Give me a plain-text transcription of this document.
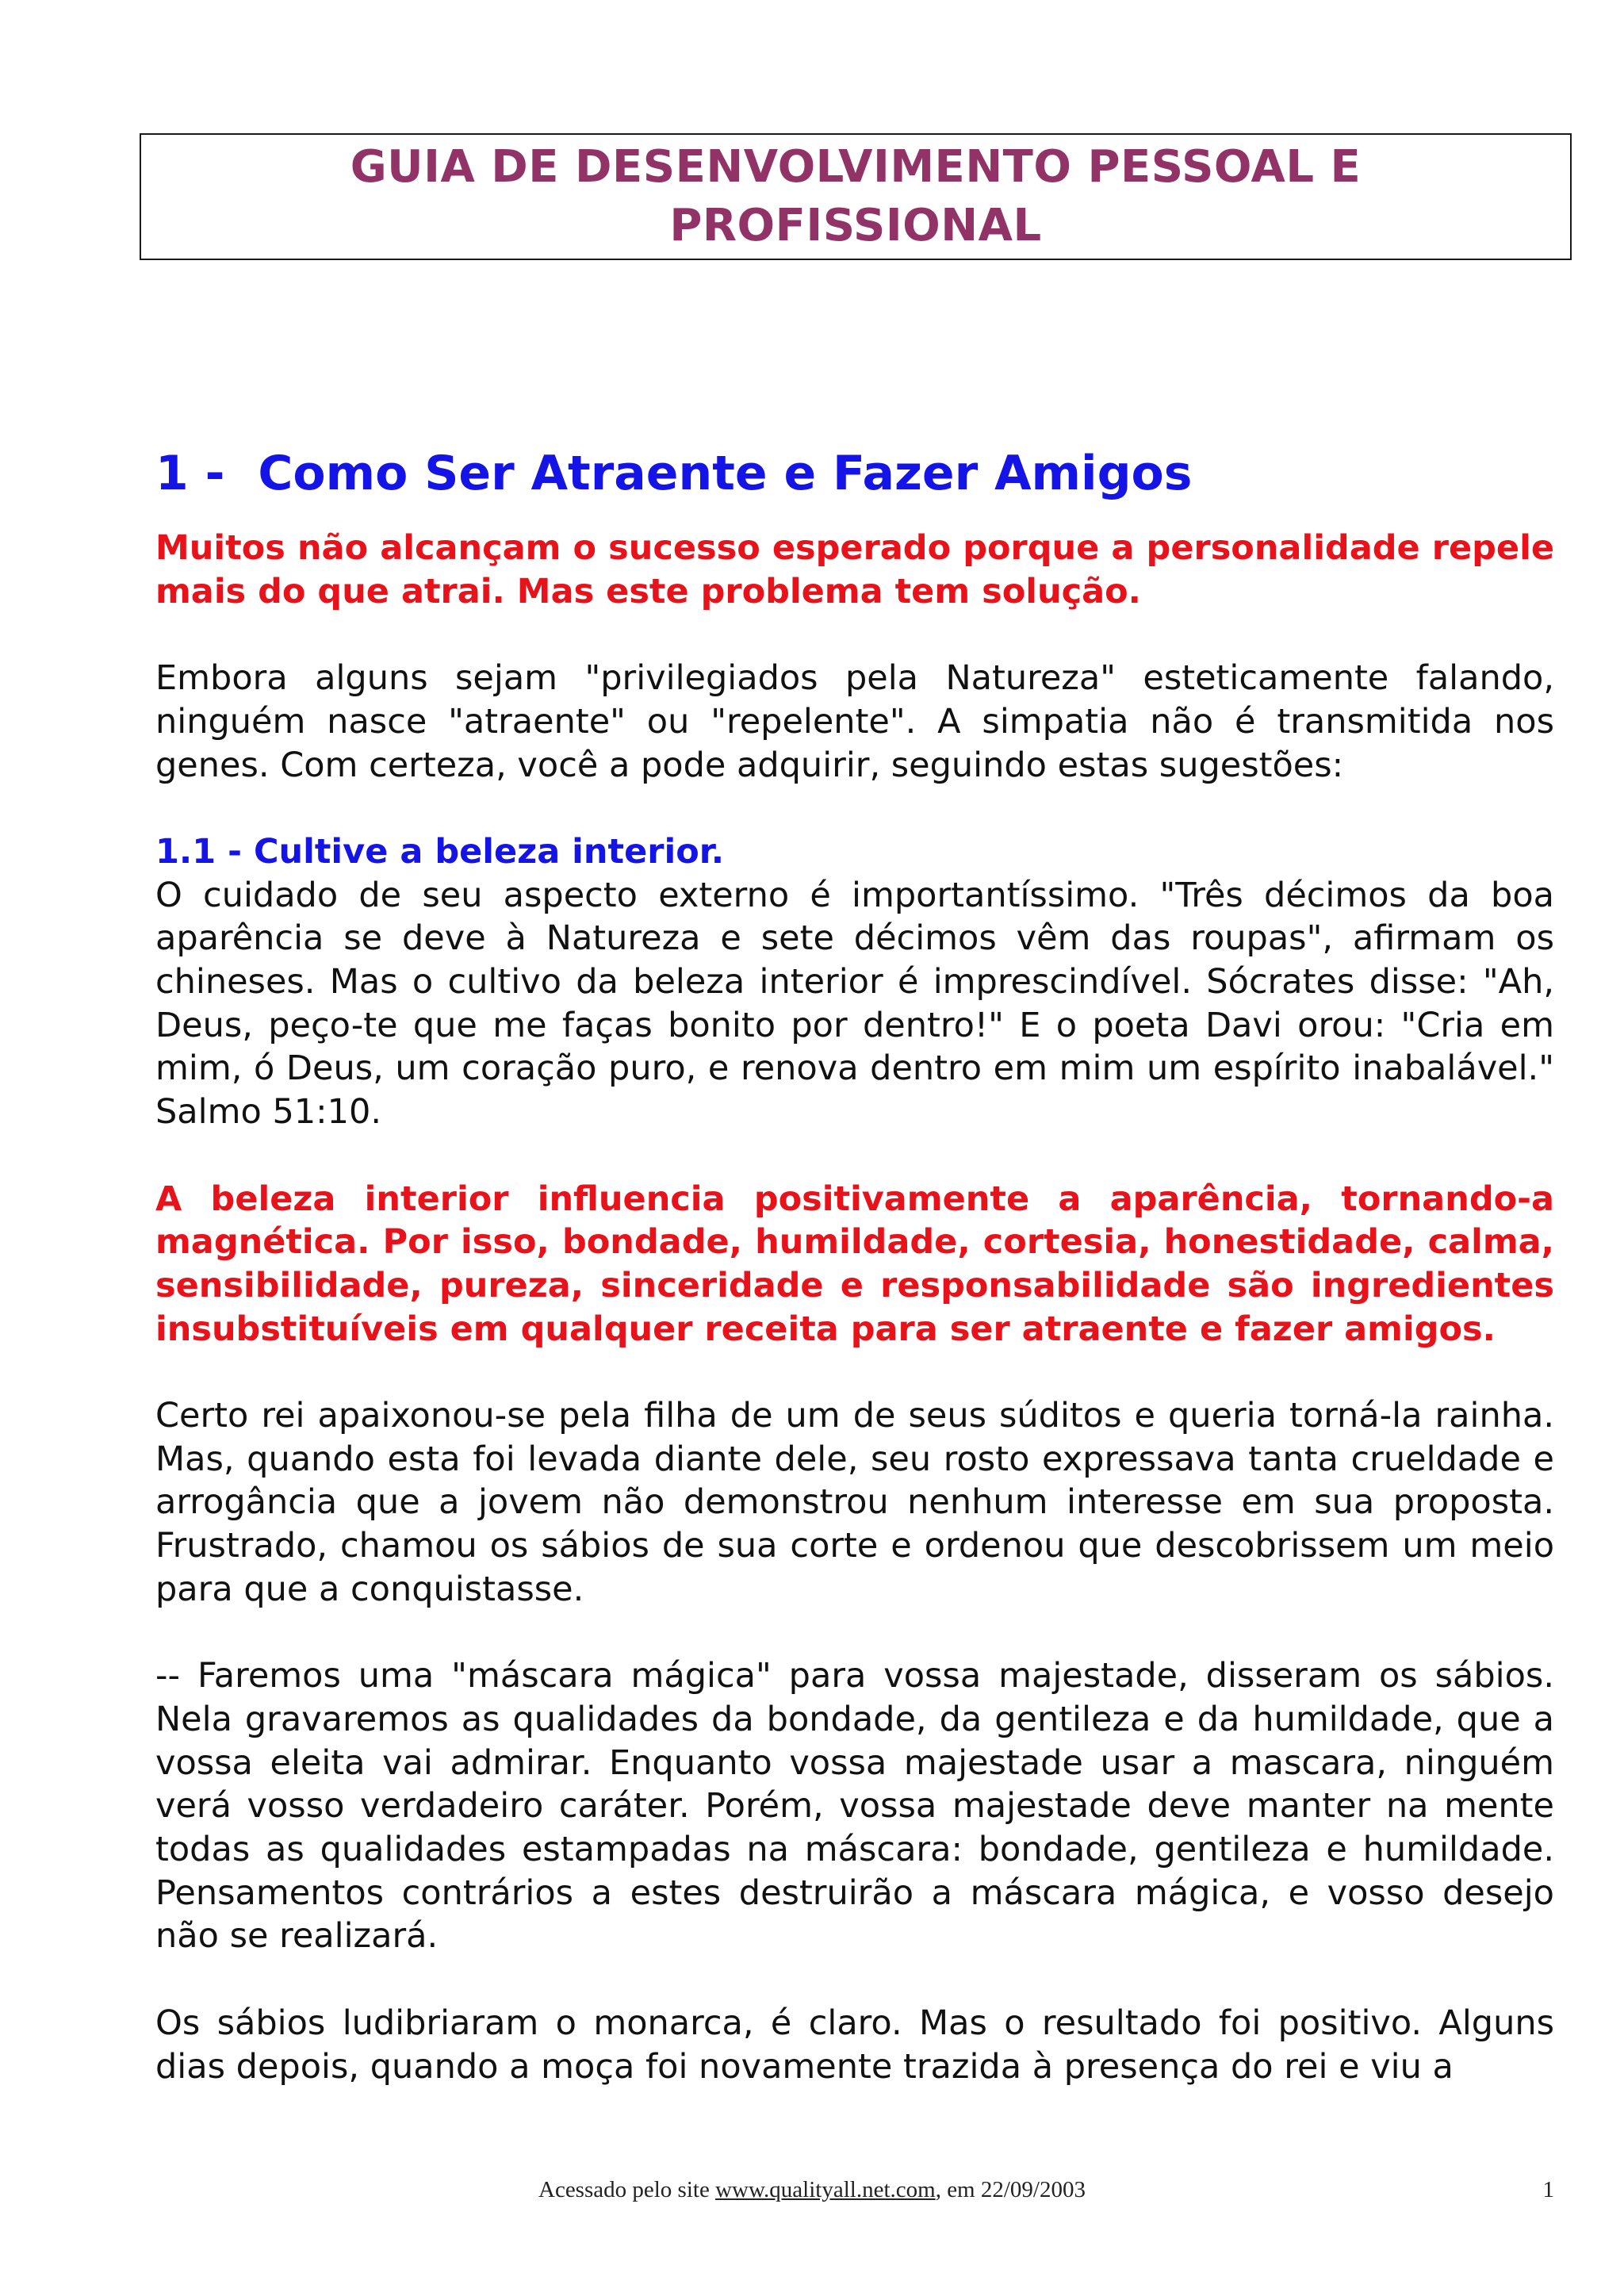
GUIA DE DESENVOLVIMENTO PESSOAL E
PROFISSIONAL

1 -  Como Ser Atraente e Fazer Amigos

Muitos não alcançam o sucesso esperado porque a personalidade repele mais do que atrai. Mas este problema tem solução.

Embora alguns sejam "privilegiados pela Natureza" esteticamente falando, ninguém nasce "atraente" ou "repelente". A simpatia não é transmitida nos genes. Com certeza, você a pode adquirir, seguindo estas sugestões:

1.1 - Cultive a beleza interior.

O cuidado de seu aspecto externo é importantíssimo. "Três décimos da boa aparência se deve à Natureza e sete décimos vêm das roupas", afirmam os chineses. Mas o cultivo da beleza interior é imprescindível. Sócrates disse: "Ah, Deus, peço-te que me faças bonito por dentro!" E o poeta Davi orou: "Cria em mim, ó Deus, um coração puro, e renova dentro em mim um espírito inabalável." Salmo 51:10.

A beleza interior influencia positivamente a aparência, tornando-a magnética. Por isso, bondade, humildade, cortesia, honestidade, calma, sensibilidade, pureza, sinceridade e responsabilidade são ingredientes insubstituíveis em qualquer receita para ser atraente e fazer amigos.

Certo rei apaixonou-se pela filha de um de seus súditos e queria torná-la rainha. Mas, quando esta foi levada diante dele, seu rosto expressava tanta crueldade e arrogância que a jovem não demonstrou nenhum interesse em sua proposta. Frustrado, chamou os sábios de sua corte e ordenou que descobrissem um meio para que a conquistasse.

-- Faremos uma "máscara mágica" para vossa majestade, disseram os sábios. Nela gravaremos as qualidades da bondade, da gentileza e da humildade, que a vossa eleita vai admirar. Enquanto vossa majestade usar a mascara, ninguém verá vosso verdadeiro caráter. Porém, vossa majestade deve manter na mente todas as qualidades estampadas na máscara: bondade, gentileza e humildade. Pensamentos contrários a estes destruirão a máscara mágica, e vosso desejo não se realizará.

Os sábios ludibriaram o monarca, é claro. Mas o resultado foi positivo. Alguns dias depois, quando a moça foi novamente trazida à presença do rei e viu a

Acessado pelo site www.qualityall.net.com, em 22/09/2003	1
